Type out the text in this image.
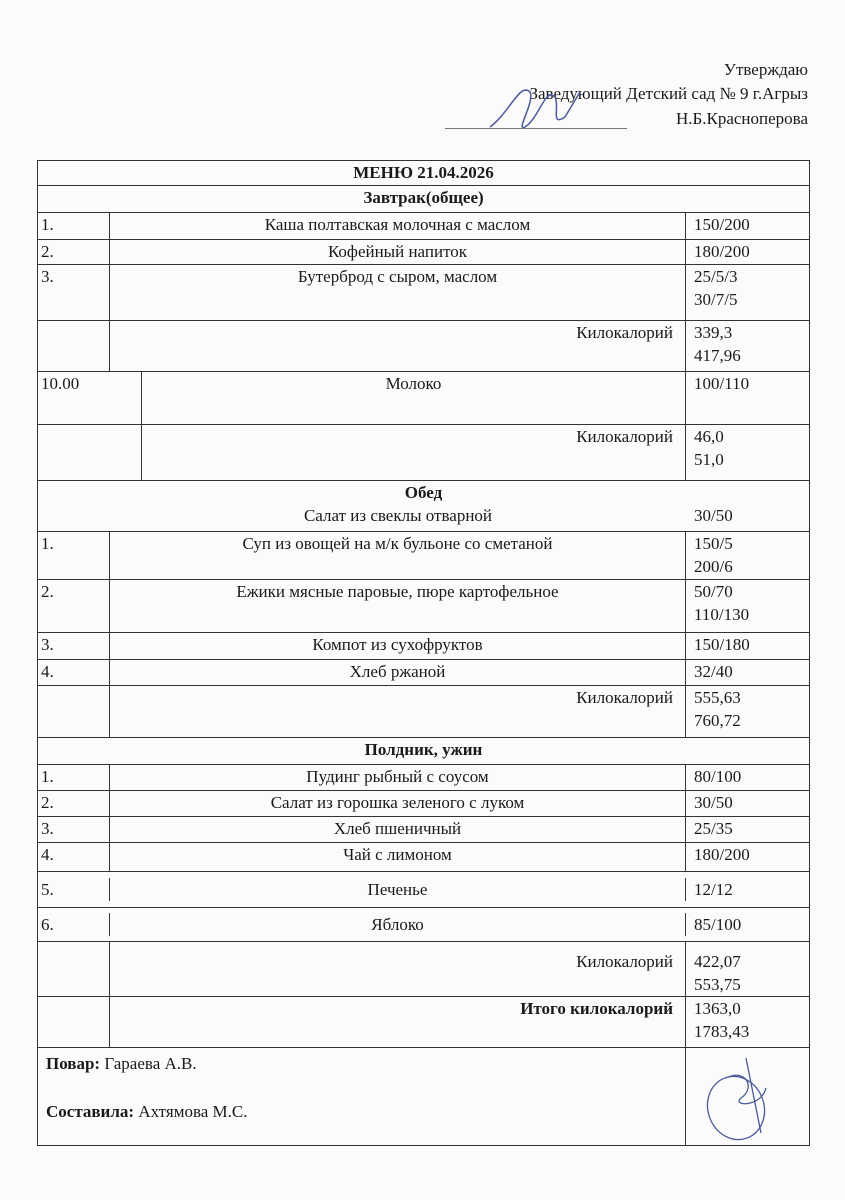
Утверждаю
Заведующий Детский сад № 9 г.Агрыз
Н.Б.Красноперова
МЕНЮ 21.04.2026
Завтрак(общее)
1.	Каша полтавская молочная с маслом	150/200
2.	Кофейный напиток	180/200
3.	Бутерброд с сыром, маслом	25/5/3
30/7/5
Килокалорий	339,3
417,96
10.00	Молоко	100/110
Килокалорий	46,0
51,0
Обед
Салат из свеклы отварной	30/50
1.	Суп из овощей на м/к бульоне со сметаной	150/5
200/6
2.	Ежики мясные паровые, пюре картофельное	50/70
110/130
3.	Компот из сухофруктов	150/180
4.	Хлеб ржаной	32/40
Килокалорий	555,63
760,72
Полдник, ужин
1.	Пудинг рыбный с соусом	80/100
2.	Салат из горошка зеленого с луком	30/50
3.	Хлеб пшеничный	25/35
4.	Чай с лимоном	180/200
5.	Печенье	12/12
6.	Яблоко	85/100
Килокалорий	422,07
553,75
Итого килокалорий	1363,0
1783,43
Повар: Гараева А.В.
Составила: Ахтямова М.С.
